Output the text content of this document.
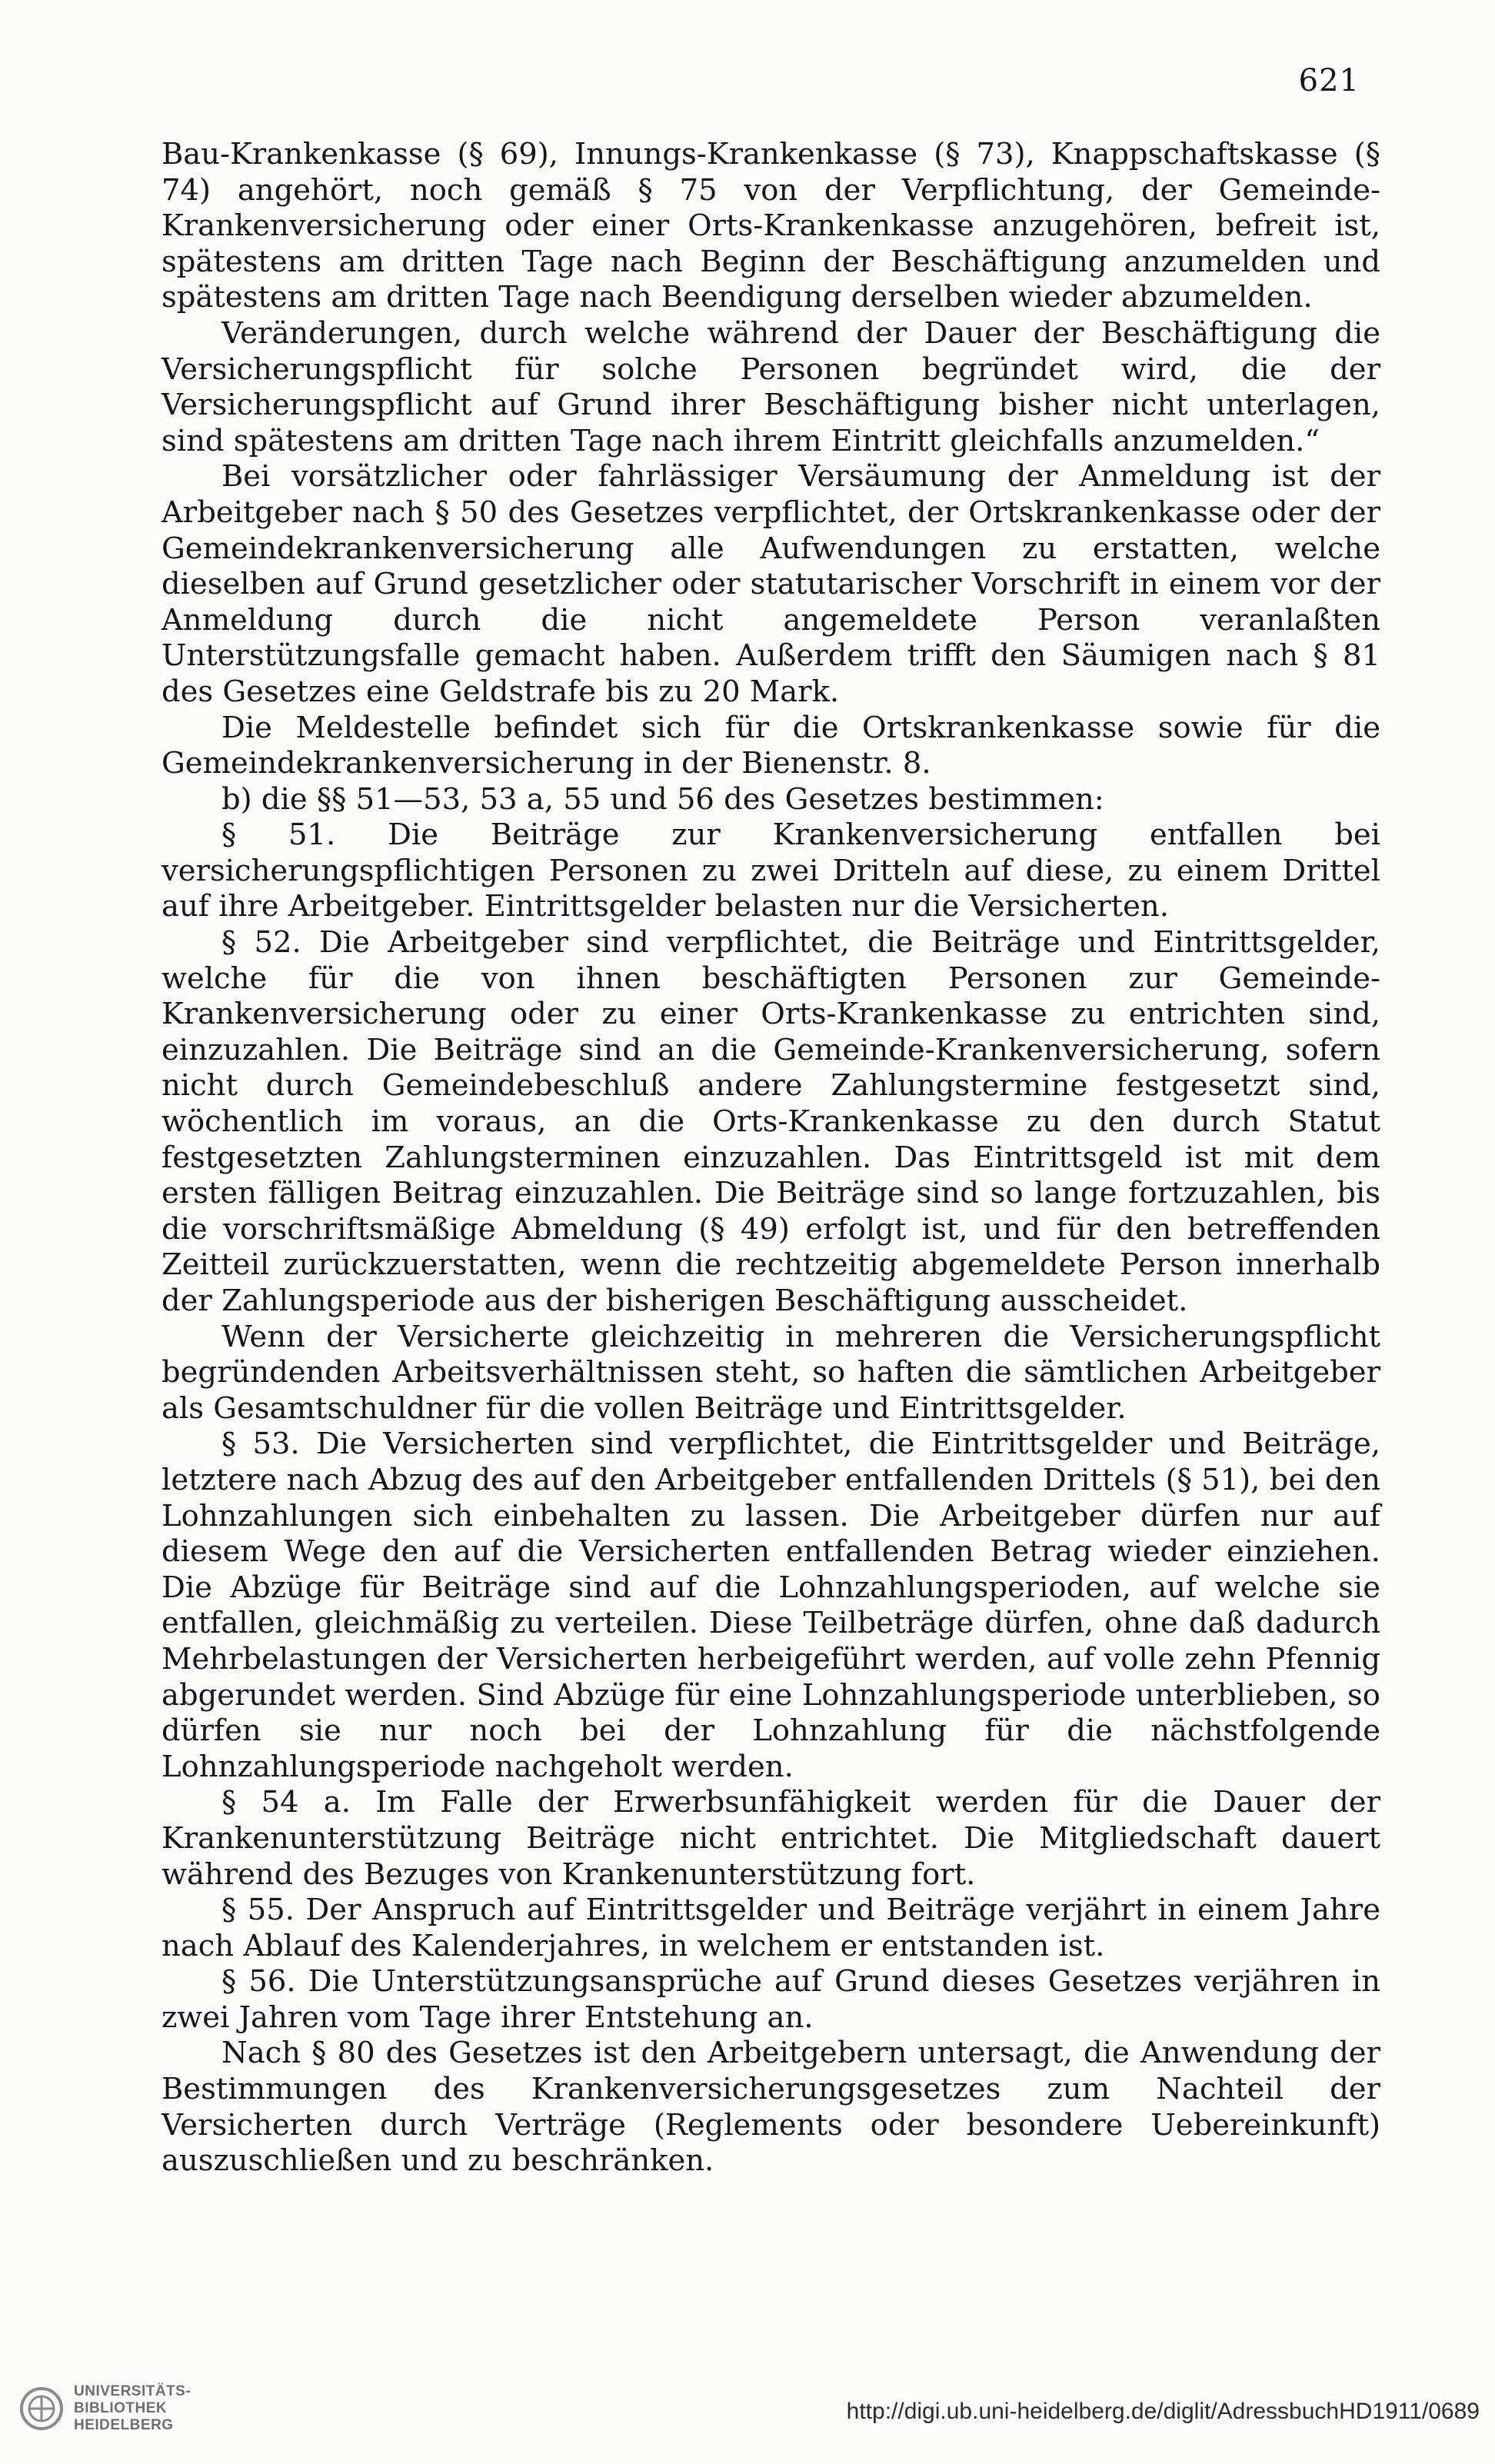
621

Bau-Krankenkasse (§ 69), Innungs-Krankenkasse (§ 73), Knappschaftskasse (§ 74) angehört, noch gemäß § 75 von der Verpflichtung, der Gemeinde-Krankenversicherung oder einer Orts-Krankenkasse anzugehören, befreit ist, spätestens am dritten Tage nach Beginn der Beschäftigung anzumelden und spätestens am dritten Tage nach Beendigung derselben wieder abzumelden.

Veränderungen, durch welche während der Dauer der Beschäftigung die Versicherungspflicht für solche Personen begründet wird, die der Versicherungspflicht auf Grund ihrer Beschäftigung bisher nicht unterlagen, sind spätestens am dritten Tage nach ihrem Eintritt gleichfalls anzumelden.“

Bei vorsätzlicher oder fahrlässiger Versäumung der Anmeldung ist der Arbeitgeber nach § 50 des Gesetzes verpflichtet, der Ortskrankenkasse oder der Gemeindekrankenversicherung alle Aufwendungen zu erstatten, welche dieselben auf Grund gesetzlicher oder statutarischer Vorschrift in einem vor der Anmeldung durch die nicht angemeldete Person veranlaßten Unterstützungsfalle gemacht haben. Außerdem trifft den Säumigen nach § 81 des Gesetzes eine Geldstrafe bis zu 20 Mark.

Die Meldestelle befindet sich für die Ortskrankenkasse sowie für die Gemeindekrankenversicherung in der Bienenstr. 8.

b) die §§ 51—53, 53 a, 55 und 56 des Gesetzes bestimmen:

§ 51. Die Beiträge zur Krankenversicherung entfallen bei versicherungspflichtigen Personen zu zwei Dritteln auf diese, zu einem Drittel auf ihre Arbeitgeber. Eintrittsgelder belasten nur die Versicherten.

§ 52. Die Arbeitgeber sind verpflichtet, die Beiträge und Eintrittsgelder, welche für die von ihnen beschäftigten Personen zur Gemeinde-Krankenversicherung oder zu einer Orts-Krankenkasse zu entrichten sind, einzuzahlen. Die Beiträge sind an die Gemeinde-Krankenversicherung, sofern nicht durch Gemeindebeschluß andere Zahlungstermine festgesetzt sind, wöchentlich im voraus, an die Orts-Krankenkasse zu den durch Statut festgesetzten Zahlungsterminen einzuzahlen. Das Eintrittsgeld ist mit dem ersten fälligen Beitrag einzuzahlen. Die Beiträge sind so lange fortzuzahlen, bis die vorschriftsmäßige Abmeldung (§ 49) erfolgt ist, und für den betreffenden Zeitteil zurückzuerstatten, wenn die rechtzeitig abgemeldete Person innerhalb der Zahlungsperiode aus der bisherigen Beschäftigung ausscheidet.

Wenn der Versicherte gleichzeitig in mehreren die Versicherungspflicht begründenden Arbeitsverhältnissen steht, so haften die sämtlichen Arbeitgeber als Gesamtschuldner für die vollen Beiträge und Eintrittsgelder.

§ 53. Die Versicherten sind verpflichtet, die Eintrittsgelder und Beiträge, letztere nach Abzug des auf den Arbeitgeber entfallenden Drittels (§ 51), bei den Lohnzahlungen sich einbehalten zu lassen. Die Arbeitgeber dürfen nur auf diesem Wege den auf die Versicherten entfallenden Betrag wieder einziehen. Die Abzüge für Beiträge sind auf die Lohnzahlungsperioden, auf welche sie entfallen, gleichmäßig zu verteilen. Diese Teilbeträge dürfen, ohne daß dadurch Mehrbelastungen der Versicherten herbeigeführt werden, auf volle zehn Pfennig abgerundet werden. Sind Abzüge für eine Lohnzahlungsperiode unterblieben, so dürfen sie nur noch bei der Lohnzahlung für die nächstfolgende Lohnzahlungsperiode nachgeholt werden.

§ 54 a. Im Falle der Erwerbsunfähigkeit werden für die Dauer der Krankenunterstützung Beiträge nicht entrichtet. Die Mitgliedschaft dauert während des Bezuges von Krankenunterstützung fort.

§ 55. Der Anspruch auf Eintrittsgelder und Beiträge verjährt in einem Jahre nach Ablauf des Kalenderjahres, in welchem er entstanden ist.

§ 56. Die Unterstützungsansprüche auf Grund dieses Gesetzes verjähren in zwei Jahren vom Tage ihrer Entstehung an.

Nach § 80 des Gesetzes ist den Arbeitgebern untersagt, die Anwendung der Bestimmungen des Krankenversicherungsgesetzes zum Nachteil der Versicherten durch Verträge (Reglements oder besondere Uebereinkunft) auszuschließen und zu beschränken.

UNIVERSITÄTS-
BIBLIOTHEK
HEIDELBERG
http://digi.ub.uni-heidelberg.de/diglit/AdressbuchHD1911/0689
